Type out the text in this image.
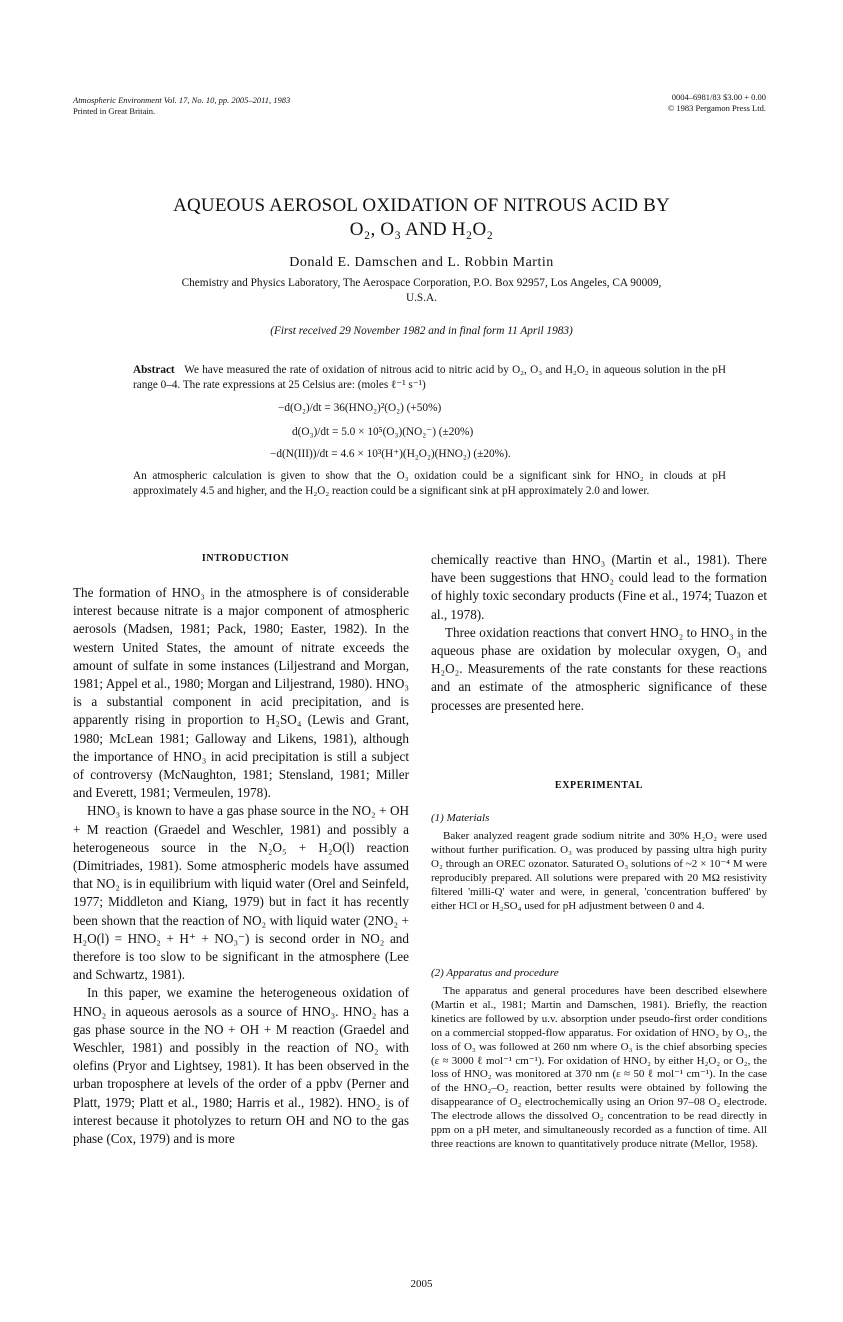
Atmospheric Environment Vol. 17, No. 10, pp. 2005–2011, 1983
Printed in Great Britain.
0004–6981/83 $3.00 + 0.00
© 1983 Pergamon Press Ltd.
AQUEOUS AEROSOL OXIDATION OF NITROUS ACID BY
O₂, O₃ AND H₂O₂
Donald E. Damschen and L. Robbin Martin
Chemistry and Physics Laboratory, The Aerospace Corporation, P.O. Box 92957, Los Angeles, CA 90009,
U.S.A.
(First received 29 November 1982 and in final form 11 April 1983)
Abstract We have measured the rate of oxidation of nitrous acid to nitric acid by O₂, O₃ and H₂O₂ in aqueous solution in the pH range 0–4. The rate expressions at 25 Celsius are: (moles ℓ⁻¹ s⁻¹)
−d(O₂)/dt = 36(HNO₂)²(O₂) (+50%)
d(O₃)/dt = 5.0 × 10⁵(O₃)(NO₂⁻) (±20%)
−d(N(III))/dt = 4.6 × 10³(H⁺)(H₂O₂)(HNO₂) (±20%).
An atmospheric calculation is given to show that the O₃ oxidation could be a significant sink for HNO₂ in clouds at pH approximately 4.5 and higher, and the H₂O₂ reaction could be a significant sink at pH approximately 2.0 and lower.
INTRODUCTION

The formation of HNO₃ in the atmosphere is of considerable interest because nitrate is a major component of atmospheric aerosols (Madsen, 1981; Pack, 1980; Easter, 1982). In the western United States, the amount of nitrate exceeds the amount of sulfate in some instances (Liljestrand and Morgan, 1981; Appel et al., 1980; Morgan and Liljestrand, 1980). HNO₃ is a substantial component in acid precipitation, and is apparently rising in proportion to H₂SO₄ (Lewis and Grant, 1980; McLean 1981; Galloway and Likens, 1981), although the importance of HNO₃ in acid precipitation is still a subject of controversy (McNaughton, 1981; Stensland, 1981; Miller and Everett, 1981; Vermeulen, 1978).

HNO₃ is known to have a gas phase source in the NO₂ + OH + M reaction (Graedel and Weschler, 1981) and possibly a heterogeneous source in the N₂O₅ + H₂O(l) reaction (Dimitriades, 1981). Some atmospheric models have assumed that NO₂ is in equilibrium with liquid water (Orel and Seinfeld, 1977; Middleton and Kiang, 1979) but in fact it has recently been shown that the reaction of NO₂ with liquid water (2NO₂ + H₂O(l) = HNO₂ + H⁺ + NO₃⁻) is second order in NO₂ and therefore is too slow to be significant in the atmosphere (Lee and Schwartz, 1981).

In this paper, we examine the heterogeneous oxidation of HNO₂ in aqueous aerosols as a source of HNO₃. HNO₂ has a gas phase source in the NO + OH + M reaction (Graedel and Weschler, 1981) and possibly in the reaction of NO₂ with olefins (Pryor and Lightsey, 1981). It has been observed in the urban troposphere at levels of the order of a ppbv (Perner and Platt, 1979; Platt et al., 1980; Harris et al., 1982). HNO₂ is of interest because it photolyzes to return OH and NO to the gas phase (Cox, 1979) and is more

chemically reactive than HNO₃ (Martin et al., 1981). There have been suggestions that HNO₂ could lead to the formation of highly toxic secondary products (Fine et al., 1974; Tuazon et al., 1978).

Three oxidation reactions that convert HNO₂ to HNO₃ in the aqueous phase are oxidation by molecular oxygen, O₃ and H₂O₂. Measurements of the rate constants for these reactions and an estimate of the atmospheric significance of these processes are presented here.

EXPERIMENTAL
(1) Materials

Baker analyzed reagent grade sodium nitrite and 30% H₂O₂ were used without further purification. O₃ was produced by passing ultra high purity O₂ through an OREC ozonator. Saturated O₃ solutions of ~2 × 10⁻⁴ M were reproducibly prepared. All solutions were prepared with 20 MΩ resistivity filtered 'milli-Q' water and were, in general, 'concentration buffered' by either HCl or H₂SO₄ used for pH adjustment between 0 and 4.

(2) Apparatus and procedure

The apparatus and general procedures have been described elsewhere (Martin et al., 1981; Martin and Damschen, 1981). Briefly, the reaction kinetics are followed by u.v. absorption under pseudo-first order conditions on a commercial stopped-flow apparatus. For oxidation of HNO₂ by O₃, the loss of O₃ was followed at 260 nm where O₃ is the chief absorbing species (ε ≈ 3000 ℓ mol⁻¹ cm⁻¹). For oxidation of HNO₂ by either H₂O₂ or O₂, the loss of HNO₂ was monitored at 370 nm (ε ≈ 50 ℓ mol⁻¹ cm⁻¹). In the case of the HNO₂–O₂ reaction, better results were obtained by following the disappearance of O₂ electrochemically using an Orion 97–08 O₂ electrode. The electrode allows the dissolved O₂ concentration to be read directly in ppm on a pH meter, and simultaneously recorded as a function of time. All three reactions are known to quantitatively produce nitrate (Mellor, 1958).

2005
